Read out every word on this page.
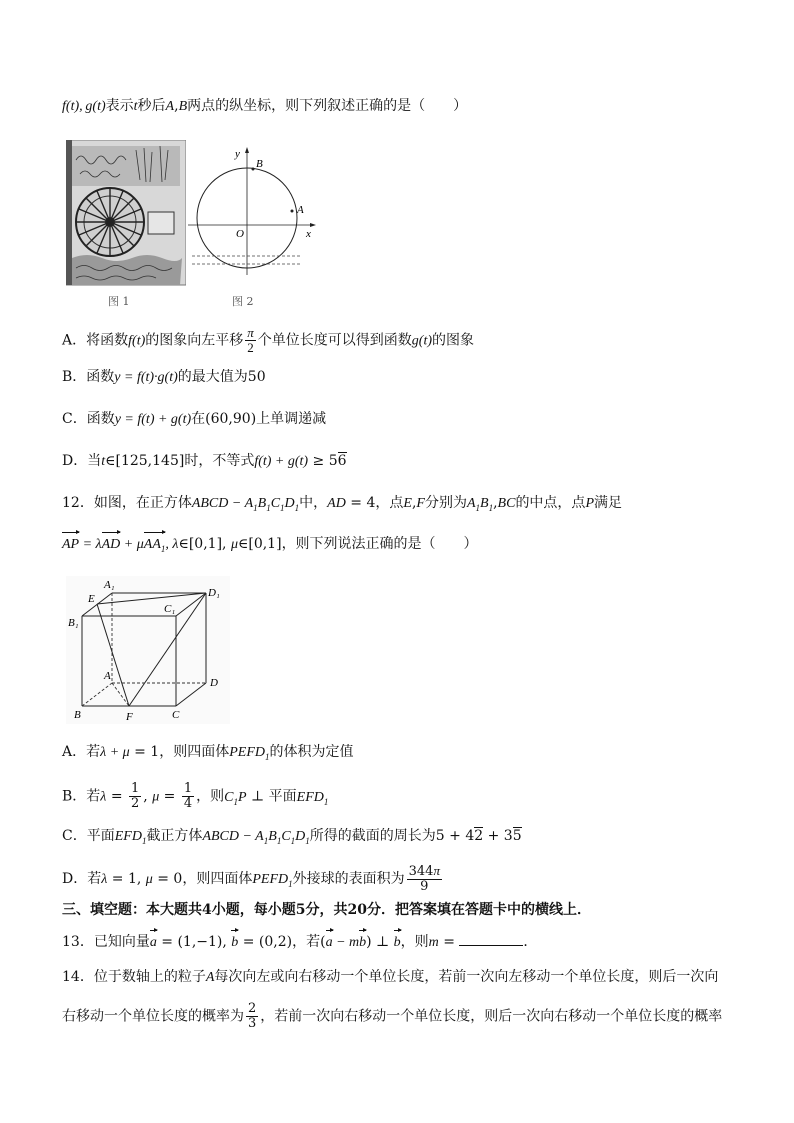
f(t), g(t)表示t秒后A,B两点的纵坐标，则下列叙述正确的是（　　）
图 1
y
B
A
O	x
图 2
A．将函数f(t)的图象向左平移 $\frac{\pi}{2}$ 个单位长度可以得到函数g(t)的图象
B．函数y = f(t)·g(t)的最大值为50
C．函数y = f(t) + g(t)在(60,90)上单调递减
D．当t∈[125,145]时，不等式f(t) + g(t) ≥ 56
12．如图，在正方体ABCD − $A_1B_1C_1D_1$中，AD = 4，点E,F分别为$A_1B_1,BC$的中点，点P满足
AP = λAD + μAA$_1$, λ∈[0,1], μ∈[0,1]，则下列说法正确的是（　　）
A₁
D₁
E
C₁
B₁
A
D
B	F	C
A．若λ + μ = 1，则四面体$PEFD_1$的体积为定值
B．若$\lambda = \frac{1}{2}$ , $\mu = \frac{1}{4}$ ，则$C_1P$ ⊥ 平面$EFD_1$
C．平面$EFD_1$截正方体ABCD − $A_1B_1C_1D_1$所得的截面的周长为5 + 42 + 35
D．若λ = 1, μ = 0，则四面体$PEFD_1$外接球的表面积为 $\frac{344\pi}{9}$
三、填空题：本大题共4小题，每小题5分，共20分．把答案填在答题卡中的横线上．
13．已知向量a = (1,−1), b = (0,2)，若(a − mb) ⊥ b，则m =	．
14．位于数轴上的粒子A每次向左或向右移动一个单位长度，若前一次向左移动一个单位长度，则后一次向
右移动一个单位长度的概率为 $\frac{2}{3}$ ，若前一次向右移动一个单位长度，则后一次向右移动一个单位长度的概率
